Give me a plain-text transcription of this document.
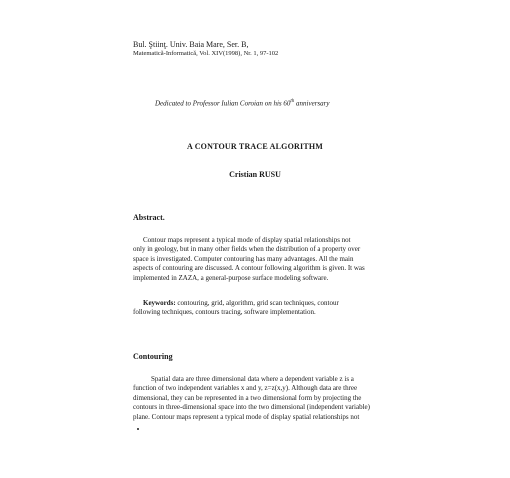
Bul. Ştiinţ. Univ. Baia Mare, Ser. B,
Matematică-Informatică, Vol. XIV(1998), Nr. 1, 97-102
Dedicated to Professor Iulian Coroian on his 60th anniversary
A CONTOUR TRACE ALGORITHM
Cristian RUSU
Abstract.
Contour maps represent a typical mode of display spatial relationships not
only in geology, but in many other fields when the distribution of a property over
space is investigated. Computer contouring has many advantages. All the main
aspects of contouring are discussed. A contour following algorithm is given. It was
implemented in ZAZA, a general-purpose surface modeling software.
Keywords: contouring, grid, algorithm, grid scan techniques, contour
following techniques, contours tracing, software implementation.
Contouring
Spatial data are three dimensional data where a dependent variable z is a
function of two independent variables x and y, z=z(x,y). Although data are three
dimensional, they can be represented in a two dimensional form by projecting the
contours in three-dimensional space into the two dimensional (independent variable)
plane. Contour maps represent a typical mode of display spatial relationships not
